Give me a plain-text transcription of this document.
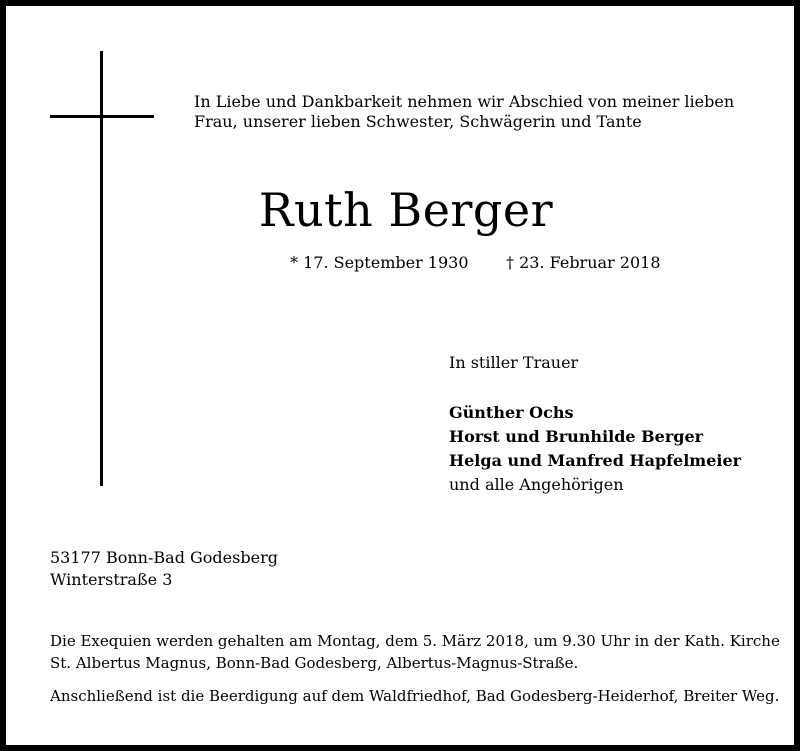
In Liebe und Dankbarkeit nehmen wir Abschied von meiner lieben
Frau, unserer lieben Schwester, Schwägerin und Tante
Ruth Berger
* 17. September 1930 † 23. Februar 2018
In stiller Trauer
Günther Ochs
Horst und Brunhilde Berger
Helga und Manfred Hapfelmeier
und alle Angehörigen
53177 Bonn-Bad Godesberg
Winterstraße 3
Die Exequien werden gehalten am Montag, dem 5. März 2018, um 9.30 Uhr in der Kath. Kirche
St. Albertus Magnus, Bonn-Bad Godesberg, Albertus-Magnus-Straße.
Anschließend ist die Beerdigung auf dem Waldfriedhof, Bad Godesberg-Heiderhof, Breiter Weg.
